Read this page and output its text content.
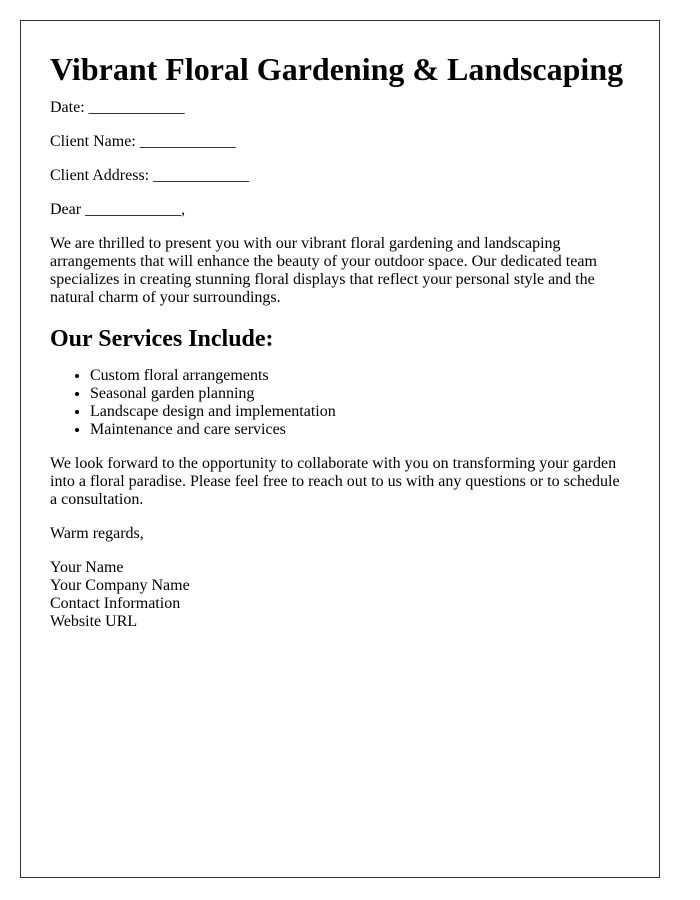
Vibrant Floral Gardening & Landscaping
Date: ____________
Client Name: ____________
Client Address: ____________
Dear ____________,

We are thrilled to present you with our vibrant floral gardening and landscaping arrangements that will enhance the beauty of your outdoor space. Our dedicated team specializes in creating stunning floral displays that reflect your personal style and the natural charm of your surroundings.

Our Services Include:
• Custom floral arrangements
• Seasonal garden planning
• Landscape design and implementation
• Maintenance and care services

We look forward to the opportunity to collaborate with you on transforming your garden into a floral paradise. Please feel free to reach out to us with any questions or to schedule a consultation.

Warm regards,

Your Name
Your Company Name
Contact Information
Website URL
